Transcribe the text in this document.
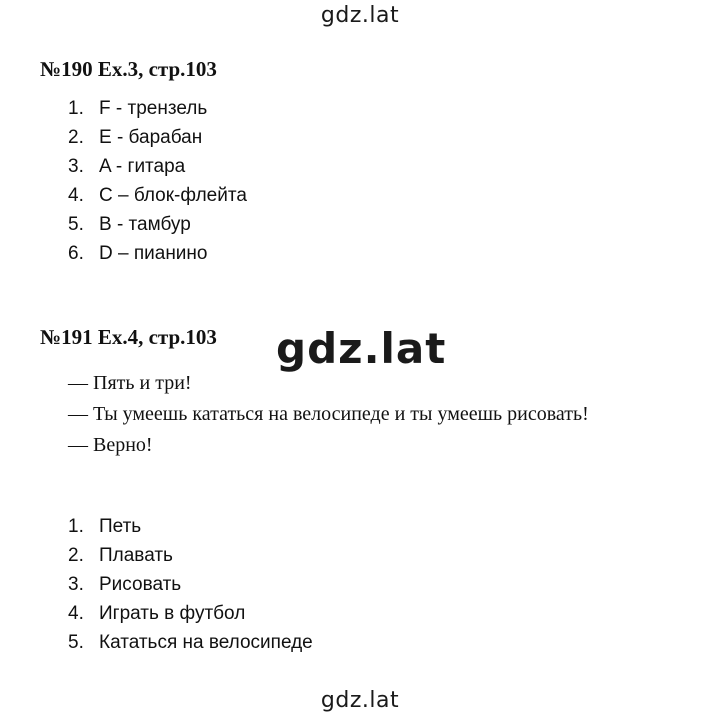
gdz.lat
№190 Ex.3, стр.103
1. F - трензель
2. E - барабан
3. A - гитара
4. C – блок-флейта
5. B - тамбур
6. D – пианино
№191 Ex.4, стр.103 gdz.lat
— Пять и три!
— Ты умеешь кататься на велосипеде и ты умеешь рисовать!
— Верно!
1. Петь
2. Плавать
3. Рисовать
4. Играть в футбол
5. Кататься на велосипеде
gdz.lat
